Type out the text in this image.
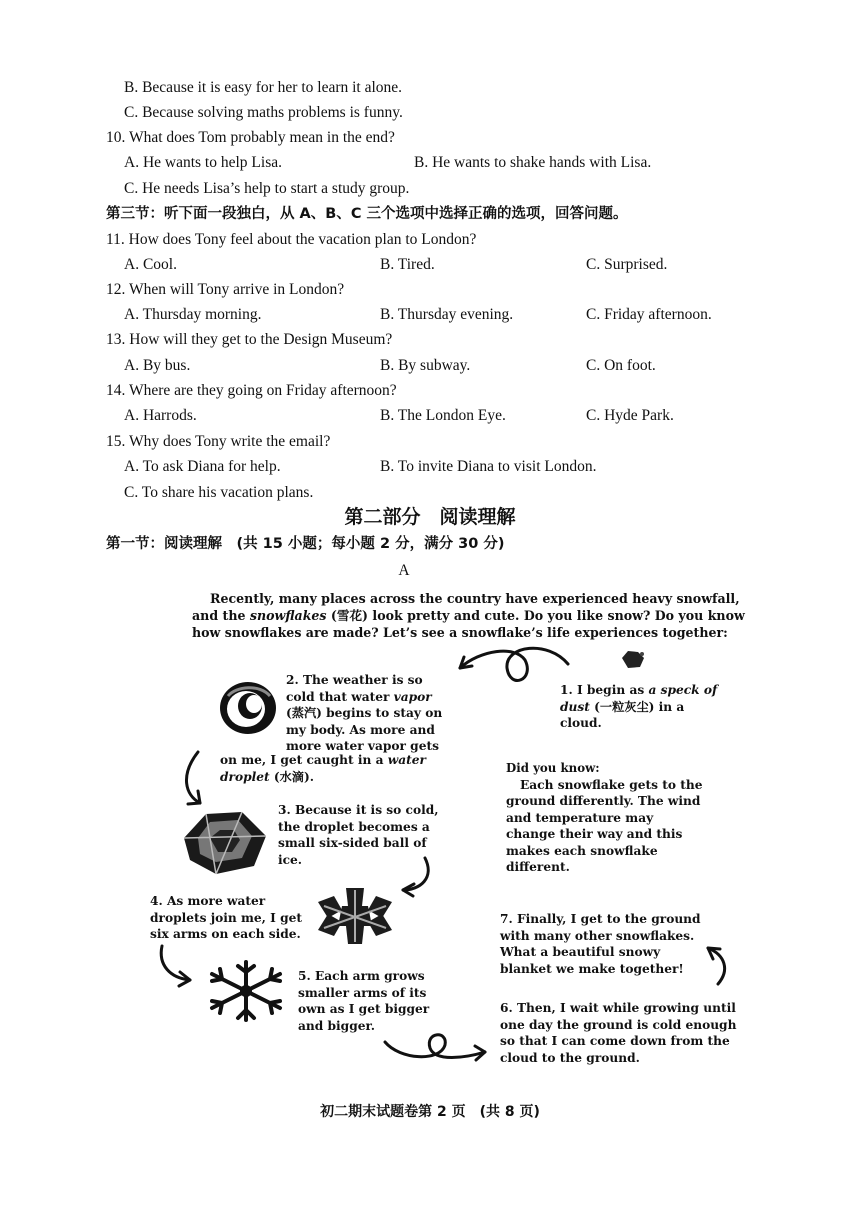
B. Because it is easy for her to learn it alone.
C. Because solving maths problems is funny.
10. What does Tom probably mean in the end?
A. He wants to help Lisa.	B. He wants to shake hands with Lisa.
C. He needs Lisa’s help to start a study group.
第三节：听下面一段独白，从 A、B、C 三个选项中选择正确的选项，回答问题。
11. How does Tony feel about the vacation plan to London?
A. Cool.	B. Tired.	C. Surprised.
12. When will Tony arrive in London?
A. Thursday morning.	B. Thursday evening.	C. Friday afternoon.
13. How will they get to the Design Museum?
A. By bus.	B. By subway.	C. On foot.
14. Where are they going on Friday afternoon?
A. Harrods.	B. The London Eye.	C. Hyde Park.
15. Why does Tony write the email?
A. To ask Diana for help.	B. To invite Diana to visit London.
C. To share his vacation plans.
第二部分　阅读理解
第一节：阅读理解　(共 15 小题；每小题 2 分，满分 30 分)
A
Recently, many places across the country have experienced heavy snowfall,
and the snowflakes (雪花) look pretty and cute. Do you like snow? Do you know
how snowflakes are made? Let’s see a snowflake’s life experiences together:
2. The weather is so cold that water vapor (蒸汽) begins to stay on my body. As more and more water vapor gets
on me, I get caught in a water droplet (水滴).
1. I begin as a speck of dust (一粒灰尘) in a cloud.
Did you know:
Each snowflake gets to the ground differently. The wind and temperature may change their way and this makes each snowflake different.
3. Because it is so cold, the droplet becomes a small six-sided ball of ice.
4. As more water droplets join me, I get six arms on each side.
5. Each arm grows smaller arms of its own as I get bigger and bigger.
7. Finally, I get to the ground with many other snowflakes. What a beautiful snowy blanket we make together!
6. Then, I wait while growing until one day the ground is cold enough so that I can come down from the cloud to the ground.
初二期末试题卷第 2 页　(共 8 页)
